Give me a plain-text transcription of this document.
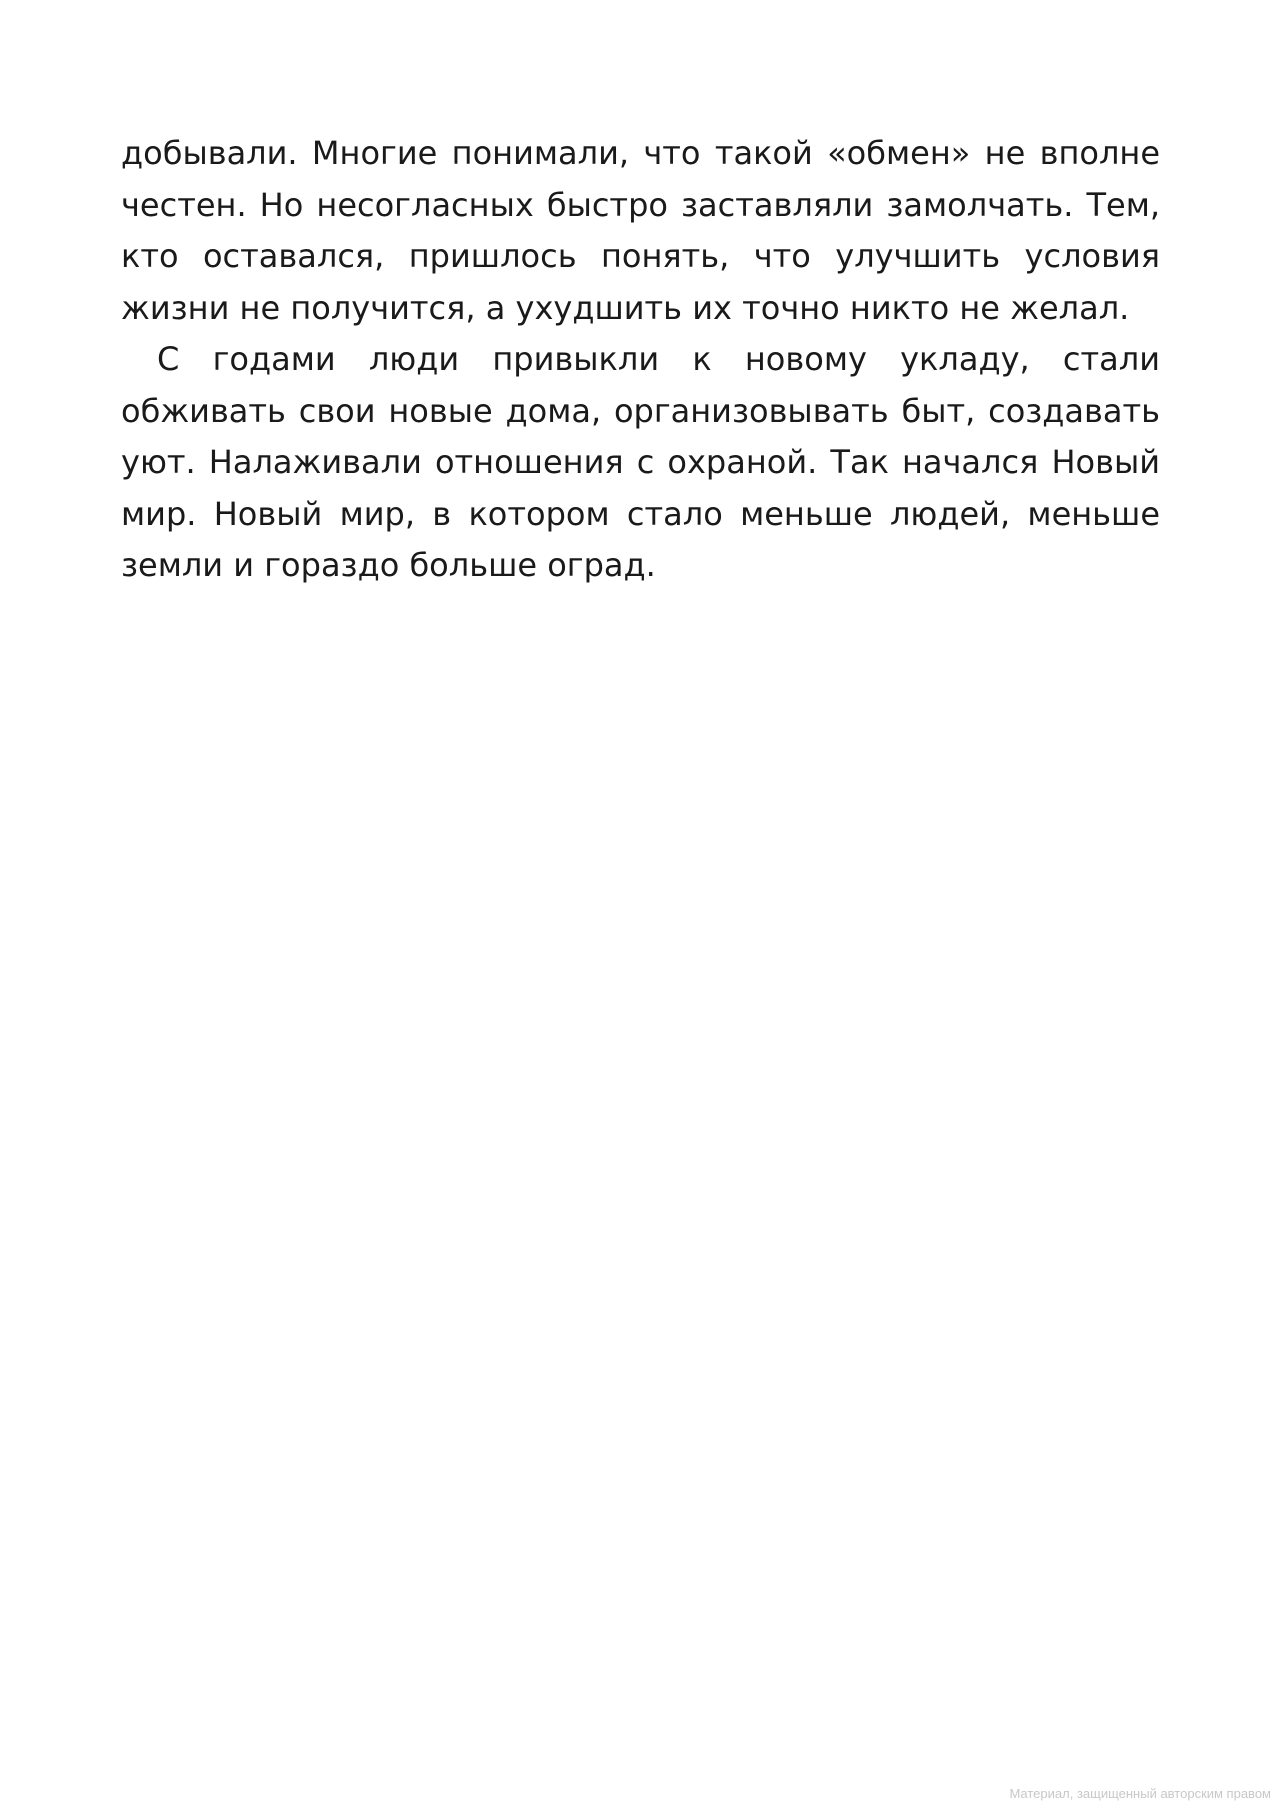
добывали. Многие понимали, что такой «обмен» не вполне честен. Но несогласных быстро заставляли замолчать. Тем, кто оставался, пришлось понять, что улучшить условия жизни не получится, а ухудшить их точно никто не желал.

С годами люди привыкли к новому укладу, стали обживать свои новые дома, организовывать быт, создавать уют. Налаживали отношения с охраной. Так начался Новый мир. Новый мир, в котором стало меньше людей, меньше земли и гораздо больше оград.

Материал, защищенный авторским правом
